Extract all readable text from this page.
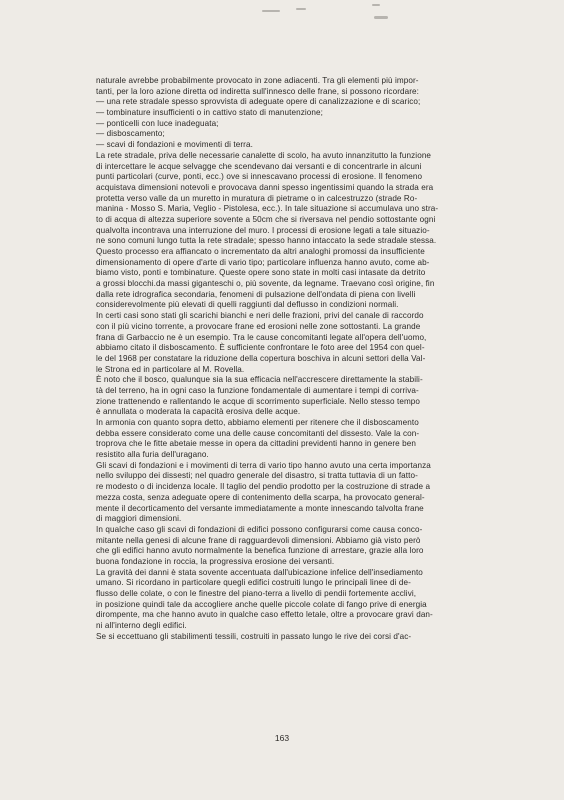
naturale avrebbe probabilmente provocato in zone adiacenti. Tra gli elementi più impor-
tanti, per la loro azione diretta od indiretta sull'innesco delle frane, si possono ricordare:
— una rete stradale spesso sprovvista di adeguate opere di canalizzazione e di scarico;
— tombinature insufficienti o in cattivo stato di manutenzione;
— ponticelli con luce inadeguata;
— disboscamento;
— scavi di fondazioni e movimenti di terra.
La rete stradale, priva delle necessarie canalette di scolo, ha avuto innanzitutto la funzione
di intercettare le acque selvagge che scendevano dai versanti e di concentrarle in alcuni
punti particolari (curve, ponti, ecc.) ove si innescavano processi di erosione. Il fenomeno
acquistava dimensioni notevoli e provocava danni spesso ingentissimi quando la strada era
protetta verso valle da un muretto in muratura di pietrame o in calcestruzzo (strade Ro-
manina - Mosso S. Maria, Veglio - Pistolesa, ecc.). In tale situazione si accumulava uno stra-
to di acqua di altezza superiore sovente a 50cm che si riversava nel pendio sottostante ogni
qualvolta incontrava una interruzione del muro. I processi di erosione legati a tale situazio-
ne sono comuni lungo tutta la rete stradale; spesso hanno intaccato la sede stradale stessa.
Questo processo era affiancato o incrementato da altri analoghi promossi da insufficiente
dimensionamento di opere d'arte di vario tipo; particolare influenza hanno avuto, come ab-
biamo visto, ponti e tombinature. Queste opere sono state in molti casi intasate da detrito
a grossi blocchi.da massi giganteschi o, più sovente, da legname. Traevano così origine, fin
dalla rete idrografica secondaria, fenomeni di pulsazione dell'ondata di piena con livelli
considerevolmente più elevati di quelli raggiunti dal deflusso in condizioni normali.
In certi casi sono stati gli scarichi bianchi e neri delle frazioni, privi del canale di raccordo
con il più vicino torrente, a provocare frane ed erosioni nelle zone sottostanti. La grande
frana di Garbaccio ne è un esempio. Tra le cause concomitanti legate all'opera dell'uomo,
abbiamo citato il disboscamento. È sufficiente confrontare le foto aree del 1954 con quel-
le del 1968 per constatare la riduzione della copertura boschiva in alcuni settori della Val-
le Strona ed in particolare al M. Rovella.
È noto che il bosco, qualunque sia la sua efficacia nell'accrescere direttamente la stabili-
tà del terreno, ha in ogni caso la funzione fondamentale di aumentare i tempi di corriva-
zione trattenendo e rallentando le acque di scorrimento superficiale. Nello stesso tempo
è annullata o moderata la capacità erosiva delle acque.
In armonia con quanto sopra detto, abbiamo elementi per ritenere che il disboscamento
debba essere considerato come una delle cause concomitanti del dissesto. Vale la con-
troprova che le fitte abetaie messe in opera da cittadini previdenti hanno in genere ben
resistito alla furia dell'uragano.
Gli scavi di fondazioni e i movimenti di terra di vario tipo hanno avuto una certa importanza
nello sviluppo dei dissesti; nel quadro generale del disastro, si tratta tuttavia di un fatto-
re modesto o di incidenza locale. Il taglio del pendio prodotto per la costruzione di strade a
mezza costa, senza adeguate opere di contenimento della scarpa, ha provocato general-
mente il decorticamento del versante immediatamente a monte innescando talvolta frane
di maggiori dimensioni.
In qualche caso gli scavi di fondazioni di edifici possono configurarsi come causa conco-
mitante nella genesi di alcune frane di ragguardevoli dimensioni. Abbiamo già visto però
che gli edifici hanno avuto normalmente la benefica funzione di arrestare, grazie alla loro
buona fondazione in roccia, la progressiva erosione dei versanti.
La gravità dei danni è stata sovente accentuata dall'ubicazione infelice dell'insediamento
umano. Si ricordano in particolare quegli edifici costruiti lungo le principali linee di de-
flusso delle colate, o con le finestre del piano-terra a livello di pendii fortemente acclivi,
in posizione quindi tale da accogliere anche quelle piccole colate di fango prive di energia
dirompente, ma che hanno avuto in qualche caso effetto letale, oltre a provocare gravi dan-
ni all'interno degli edifici.
Se si eccettuano gli stabilimenti tessili, costruiti in passato lungo le rive dei corsi d'ac-
163
